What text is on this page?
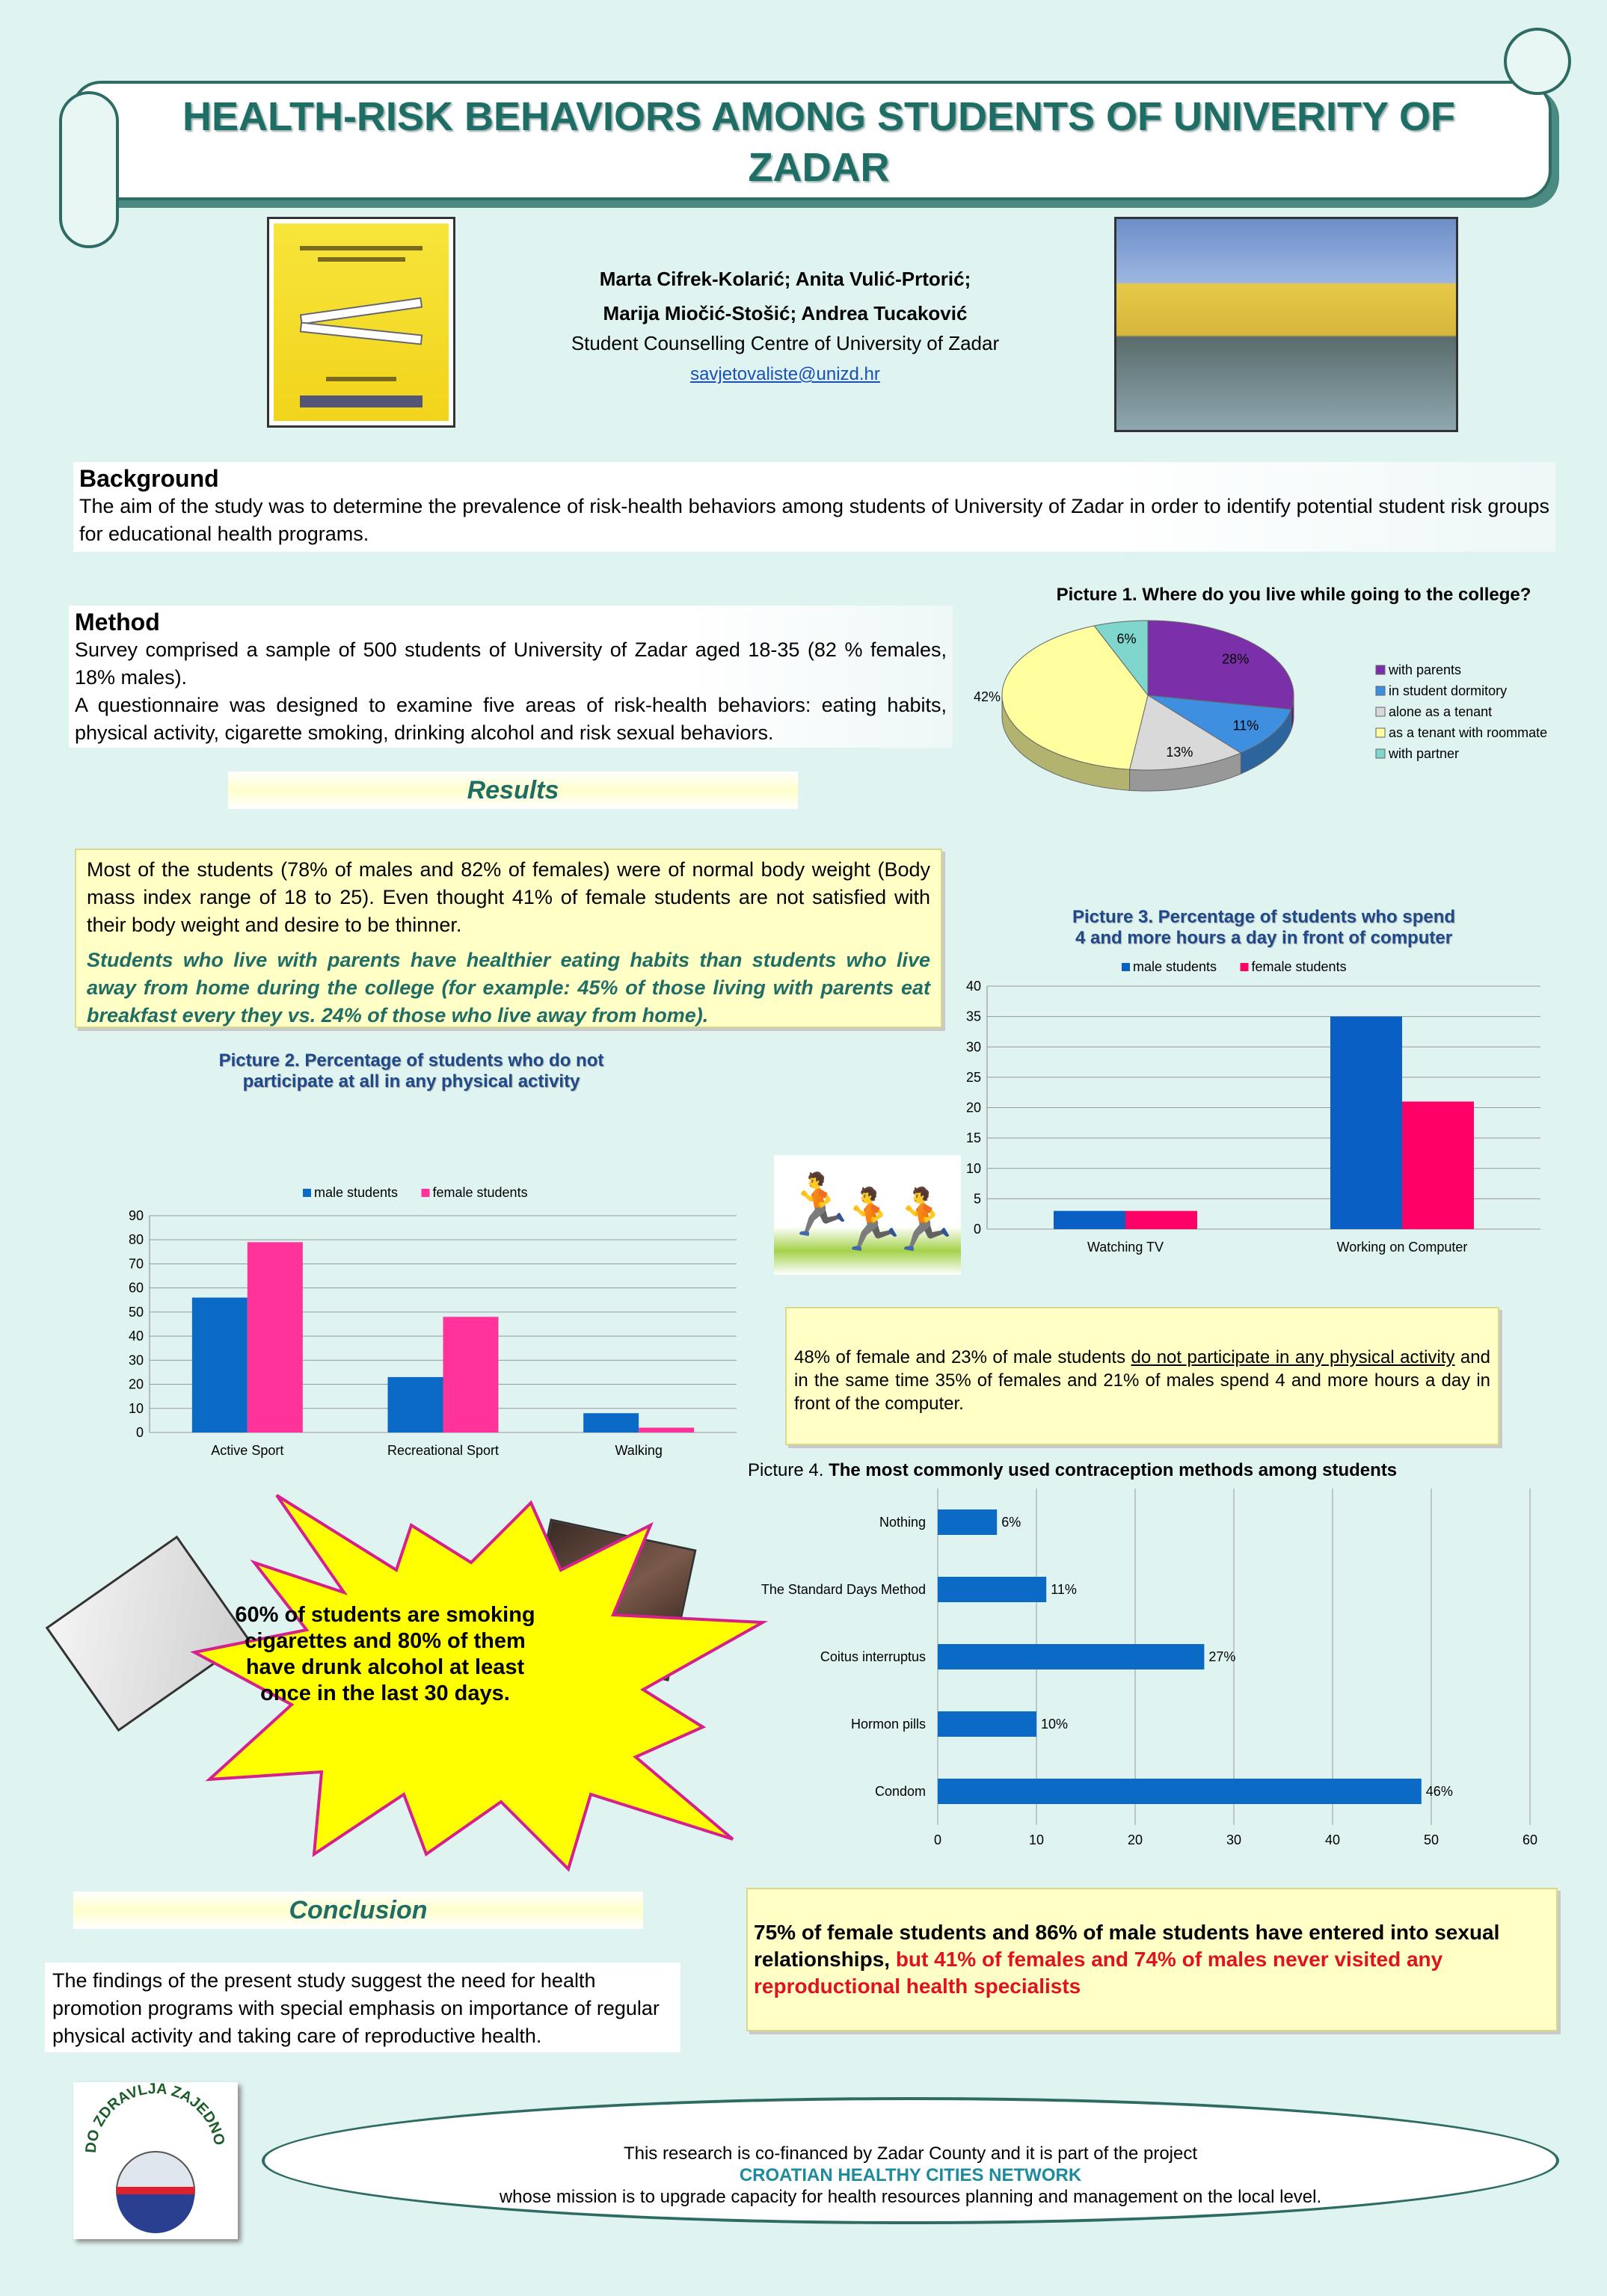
HEALTH-RISK BEHAVIORS AMONG STUDENTS OF UNIVERITY OF ZADAR
Marta Cifrek-Kolarić; Anita Vulić-Prtorić;
Marija Miočić-Stošić; Andrea Tucaković
Student Counselling Centre of University of Zadar
savjetovaliste@unizd.hr
Background
The aim of the study was to determine the prevalence of risk-health behaviors among students of University of Zadar in order to identify potential student risk groups for educational health programs.
Method
Survey comprised a sample of 500 students of University of Zadar aged 18-35 (82 % females, 18% males).
A questionnaire was designed to examine five areas of risk-health behaviors: eating habits, physical activity, cigarette smoking, drinking alcohol and risk sexual behaviors.
Results
Most of the students (78% of males and 82% of females) were of normal body weight (Body mass index range of 18 to 25). Even thought 41% of female students are not satisfied with their body weight and desire to be thinner.
Students who live with parents have healthier eating habits than students who live away from home during the college (for example: 45% of those living with parents eat breakfast every they vs. 24% of those who live away from home).
Picture 1. Where do you live while going to the college?
28%
11%
13%
42%
6%
with parents
in student dormitory
alone as a tenant
as a tenant with roommate
with partner
Picture 3. Percentage of students who spend 4 and more hours a day in front of computer
male students	female students
0
5
10
15
20
25
30
35
40
Watching TV	Working on Computer
🏃
🏃
🏃
Picture 2. Percentage of students who do not participate at all in any physical activity
male students	female students
0
10
20
30
40
50
60
70
80
90
Active Sport	Recreational Sport	Walking
48% of female and 23% of male students do not participate in any physical activity and in the same time 35% of females and 21% of males spend 4 and more hours a day in front of the computer.
Picture 4. The most commonly used contraception methods among students
0	10	20	30	40	50	60
6%
Nothing
11%
The Standard Days Method
27%
Coitus interruptus
10%
Hormon pills
46%
Condom
60% of students are smoking cigarettes and 80% of them have drunk alcohol at least once in the last 30 days.
Conclusion
The findings of the present study suggest the need for health promotion programs with special emphasis on importance of regular physical activity and taking care of reproductive health.
75% of female students and 86% of male students have entered into sexual relationships, but 41% of females and 74% of males never visited any reproductional health specialists
DO ZDRAVLJA ZAJEDNO
This research is co-financed by Zadar County and it is part of the project
CROATIAN HEALTHY CITIES NETWORK
whose mission is to upgrade capacity for health resources planning and management on the local level.
